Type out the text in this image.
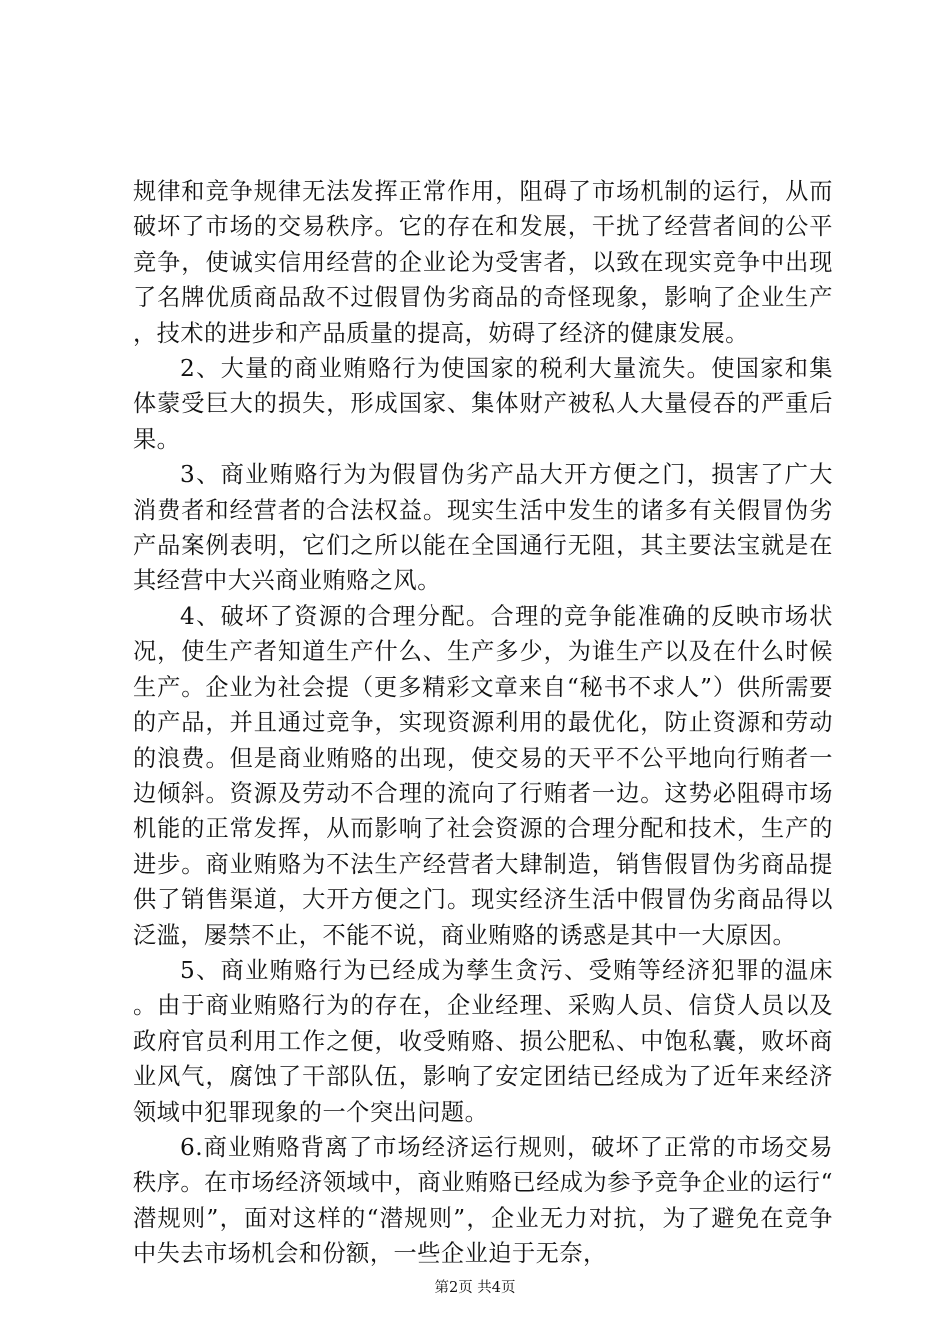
规律和竞争规律无法发挥正常作用，阻碍了市场机制的运行，从而破坏了市场的交易秩序。它的存在和发展，干扰了经营者间的公平竞争，使诚实信用经营的企业论为受害者，以致在现实竞争中出现了名牌优质商品敌不过假冒伪劣商品的奇怪现象，影响了企业生产，技术的进步和产品质量的提高，妨碍了经济的健康发展。

2、大量的商业贿赂行为使国家的税利大量流失。使国家和集体蒙受巨大的损失，形成国家、集体财产被私人大量侵吞的严重后果。

3、商业贿赂行为为假冒伪劣产品大开方便之门，损害了广大消费者和经营者的合法权益。现实生活中发生的诸多有关假冒伪劣产品案例表明，它们之所以能在全国通行无阻，其主要法宝就是在其经营中大兴商业贿赂之风。

4、破坏了资源的合理分配。合理的竞争能准确的反映市场状况，使生产者知道生产什么、生产多少，为谁生产以及在什么时候生产。企业为社会提（更多精彩文章来自“秘书不求人”）供所需要的产品，并且通过竞争，实现资源利用的最优化，防止资源和劳动的浪费。但是商业贿赂的出现，使交易的天平不公平地向行贿者一边倾斜。资源及劳动不合理的流向了行贿者一边。这势必阻碍市场机能的正常发挥，从而影响了社会资源的合理分配和技术，生产的进步。商业贿赂为不法生产经营者大肆制造，销售假冒伪劣商品提供了销售渠道，大开方便之门。现实经济生活中假冒伪劣商品得以泛滥，屡禁不止，不能不说，商业贿赂的诱惑是其中一大原因。

5、商业贿赂行为已经成为孳生贪污、受贿等经济犯罪的温床。由于商业贿赂行为的存在，企业经理、采购人员、信贷人员以及政府官员利用工作之便，收受贿赂、损公肥私、中饱私囊，败坏商业风气，腐蚀了干部队伍，影响了安定团结已经成为了近年来经济领域中犯罪现象的一个突出问题。

6.商业贿赂背离了市场经济运行规则，破坏了正常的市场交易秩序。在市场经济领域中，商业贿赂已经成为参予竞争企业的运行“潜规则”，面对这样的“潜规则”，企业无力对抗，为了避免在竞争中失去市场机会和份额，一些企业迫于无奈，

第2页 共4页
